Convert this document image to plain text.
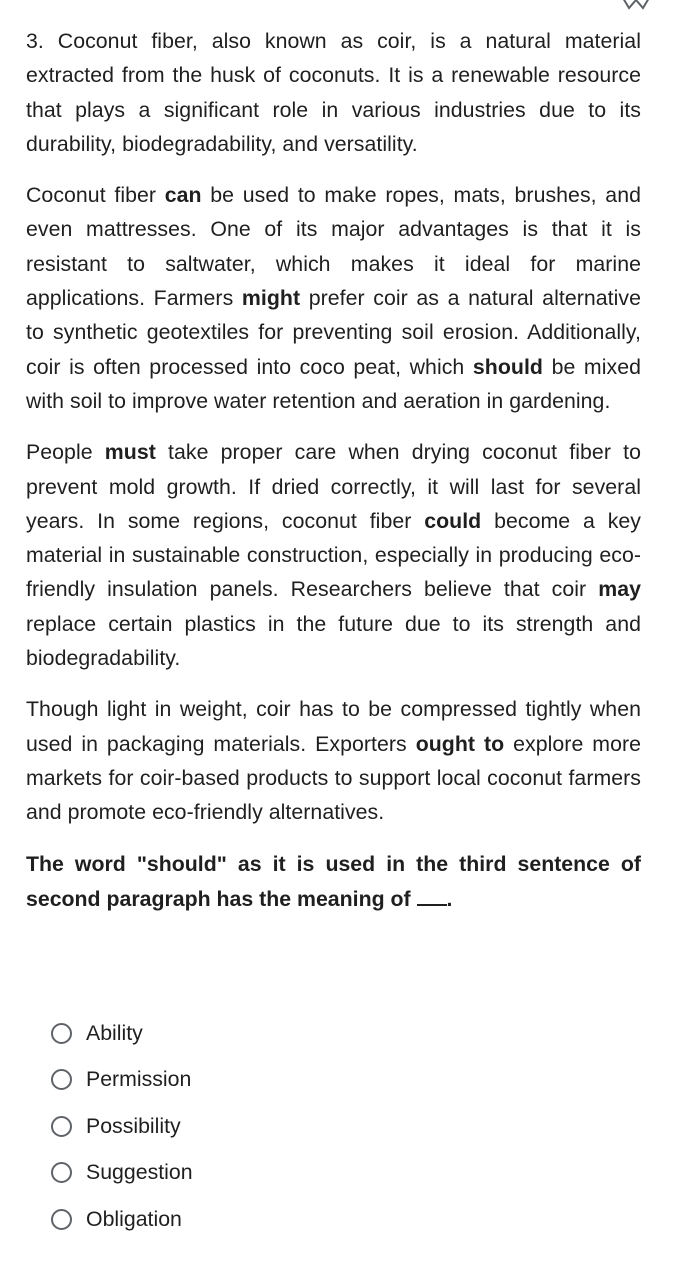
3. Coconut fiber, also known as coir, is a natural material extracted from the husk of coconuts. It is a renewable resource that plays a significant role in various industries due to its durability, biodegradability, and versatility.

Coconut fiber can be used to make ropes, mats, brushes, and even mattresses. One of its major advantages is that it is resistant to saltwater, which makes it ideal for marine applications. Farmers might prefer coir as a natural alternative to synthetic geotextiles for preventing soil erosion. Additionally, coir is often processed into coco peat, which should be mixed with soil to improve water retention and aeration in gardening.

People must take proper care when drying coconut fiber to prevent mold growth. If dried correctly, it will last for several years. In some regions, coconut fiber could become a key material in sustainable construction, especially in producing eco-friendly insulation panels. Researchers believe that coir may replace certain plastics in the future due to its strength and biodegradability.

Though light in weight, coir has to be compressed tightly when used in packaging materials. Exporters ought to explore more markets for coir-based products to support local coconut farmers and promote eco-friendly alternatives.

The word "should" as it is used in the third sentence of second paragraph has the meaning of .

Ability
Permission
Possibility
Suggestion
Obligation
